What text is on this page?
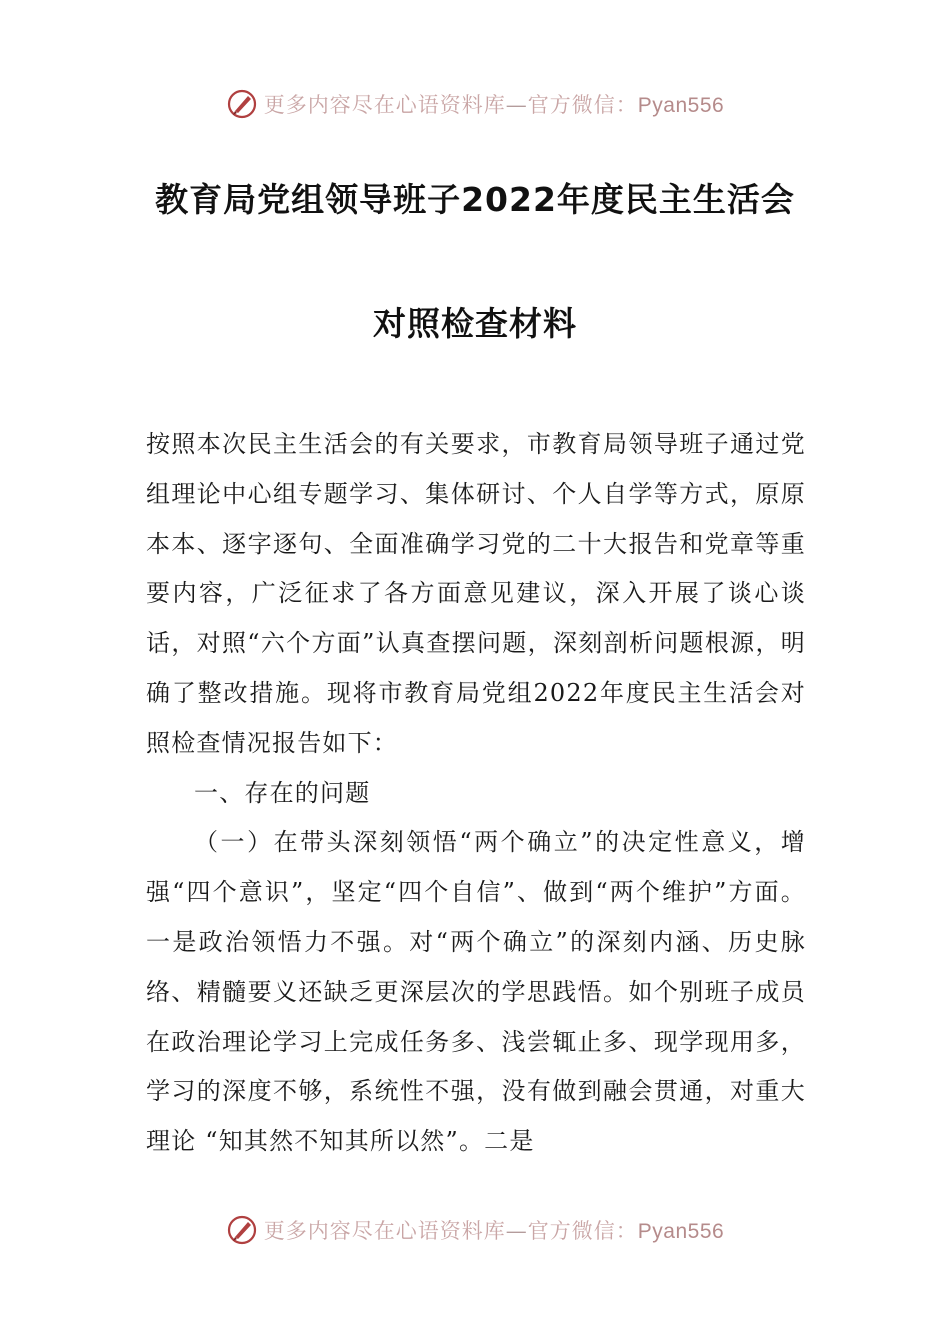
更多内容尽在心语资料库—官方微信：Pyan556
教育局党组领导班子2022年度民主生活会
对照检查材料

按照本次民主生活会的有关要求，市教育局领导班子通过党组理论中心组专题学习、集体研讨、个人自学等方式，原原本本、逐字逐句、全面准确学习党的二十大报告和党章等重要内容，广泛征求了各方面意见建议，深入开展了谈心谈话，对照“六个方面”认真查摆问题，深刻剖析问题根源，明确了整改措施。现将市教育局党组2022年度民主生活会对照检查情况报告如下：

一、存在的问题

（一）在带头深刻领悟“两个确立”的决定性意义，增强“四个意识”，坚定“四个自信”、做到“两个维护”方面。一是政治领悟力不强。对“两个确立”的深刻内涵、历史脉络、精髓要义还缺乏更深层次的学思践悟。如个别班子成员在政治理论学习上完成任务多、浅尝辄止多、现学现用多，学习的深度不够，系统性不强，没有做到融会贯通，对重大理论 “知其然不知其所以然”。二是

更多内容尽在心语资料库—官方微信：Pyan556
